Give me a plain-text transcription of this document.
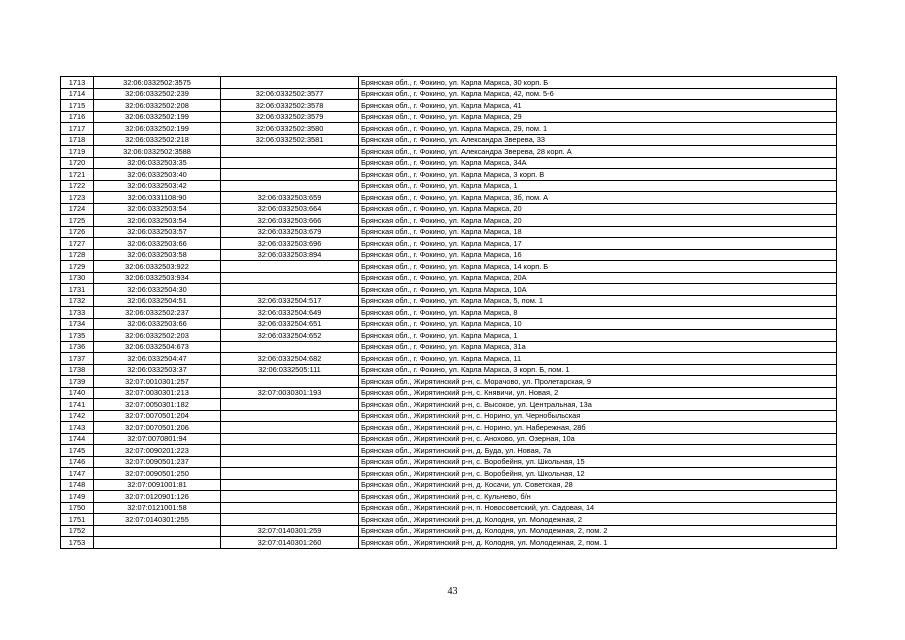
1713	32:06:0332502:3575		Брянская обл., г. Фокино, ул. Карла Маркса, 30 корп. Б
1714	32:06:0332502:239	32:06:0332502:3577	Брянская обл., г. Фокино, ул. Карла Маркса, 42, пом. 5-6
1715	32:06:0332502:208	32:06:0332502:3578	Брянская обл., г. Фокино, ул. Карла Маркса, 41
1716	32:06:0332502:199	32:06:0332502:3579	Брянская обл., г. Фокино, ул. Карла Маркса, 29
1717	32:06:0332502:199	32:06:0332502:3580	Брянская обл., г. Фокино, ул. Карла Маркса, 29, пом. 1
1718	32:06:0332502:218	32:06:0332502:3581	Брянская обл., г. Фокино, ул. Александра Зверева, 33
1719	32:06:0332502:3588		Брянская обл., г. Фокино, ул. Александра Зверева, 28 корп. А
1720	32:06:0332503:35		Брянская обл., г. Фокино, ул. Карла Маркса, 34А
1721	32:06:0332503:40		Брянская обл., г. Фокино, ул. Карла Маркса, 3 корп. В
1722	32:06:0332503:42		Брянская обл., г. Фокино, ул. Карла Маркса, 1
1723	32:06:0331108:90	32:06:0332503:659	Брянская обл., г. Фокино, ул. Карла Маркса, 3б, пом. А
1724	32:06:0332503:54	32:06:0332503:664	Брянская обл., г. Фокино, ул. Карла Маркса, 20
1725	32:06:0332503:54	32:06:0332503:666	Брянская обл., г. Фокино, ул. Карла Маркса, 20
1726	32:06:0332503:57	32:06:0332503:679	Брянская обл., г. Фокино, ул. Карла Маркса, 18
1727	32:06:0332503:66	32:06:0332503:696	Брянская обл., г. Фокино, ул. Карла Маркса, 17
1728	32:06:0332503:58	32:06:0332503:894	Брянская обл., г. Фокино, ул. Карла Маркса, 16
1729	32:06:0332503:922		Брянская обл., г. Фокино, ул. Карла Маркса, 14 корп. Б
1730	32:06:0332503:934		Брянская обл., г. Фокино, ул. Карла Маркса, 20А
1731	32:06:0332504:30		Брянская обл., г. Фокино, ул. Карла Маркса, 10А
1732	32:06:0332504:51	32:06:0332504:517	Брянская обл., г. Фокино, ул. Карла Маркса, 5, пом. 1
1733	32:06:0332502:237	32:06:0332504:649	Брянская обл., г. Фокино, ул. Карла Маркса, 8
1734	32:06:0332503:66	32:06:0332504:651	Брянская обл., г. Фокино, ул. Карла Маркса, 10
1735	32:06:0332502:203	32:06:0332504:652	Брянская обл., г. Фокино, ул. Карла Маркса, 1
1736	32:06:0332504:673		Брянская обл., г. Фокино, ул. Карла Маркса, 31а
1737	32:06:0332504:47	32:06:0332504:682	Брянская обл., г. Фокино, ул. Карла Маркса, 11
1738	32:06:0332503:37	32:06:0332505:111	Брянская обл., г. Фокино, ул. Карла Маркса, 3 корп. Б, пом. 1
1739	32:07:0010301:257		Брянская обл., Жирятинский р-н, с. Морачово, ул. Пролетарская, 9
1740	32:07:0030301:213	32:07:0030301:193	Брянская обл., Жирятинский р-н, с. Княвичи, ул. Новая, 2
1741	32:07:0050301:182		Брянская обл., Жирятинский р-н, с. Высокое, ул. Центральная, 13а
1742	32:07:0070501:204		Брянская обл., Жирятинский р-н, с. Норино, ул. Чернобыльская
1743	32:07:0070501:206		Брянская обл., Жирятинский р-н, с. Норино, ул. Набережная, 28б
1744	32:07:0070801:94		Брянская обл., Жирятинский р-н, с. Анохово, ул. Озерная, 10а
1745	32:07:0090201:223		Брянская обл., Жирятинский р-н, д. Буда, ул. Новая, 7а
1746	32:07:0090501:237		Брянская обл., Жирятинский р-н, с. Воробейня, ул. Школьная, 15
1747	32:07:0090501:250		Брянская обл., Жирятинский р-н, с. Воробейня, ул. Школьная, 12
1748	32:07:0091001:81		Брянская обл., Жирятинский р-н, д. Косачи, ул. Советская, 28
1749	32:07:0120901:126		Брянская обл., Жирятинский р-н, с. Кульнево, б/н
1750	32:07:0121001:58		Брянская обл., Жирятинский р-н, п. Новосоветский, ул. Садовая, 14
1751	32:07:0140301:255		Брянская обл., Жирятинский р-н, д. Колодня, ул. Молодежная, 2
1752		32:07:0140301:259	Брянская обл., Жирятинский р-н, д. Колодня, ул. Молодежная, 2, пом. 2
1753		32:07:0140301:260	Брянская обл., Жирятинский р-н, д. Колодня, ул. Молодежная, 2, пом. 1
43
